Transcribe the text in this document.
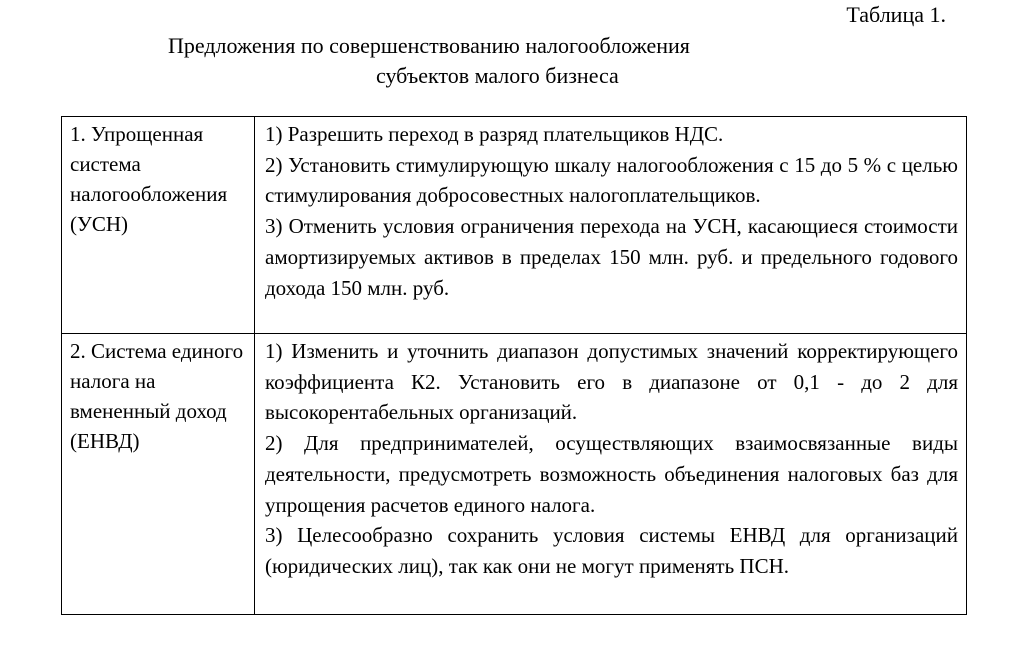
Таблица 1.
Предложения по совершенствованию налогообложения
субъектов малого бизнеса
1. Упрощенная система налогообложения (УСН)	1) Разрешить переход в разряд плательщиков НДС.
2) Установить стимулирующую шкалу налогообложения с 15 до 5 % с целью стимулирования добросовестных налогоплательщиков.
3) Отменить условия ограничения перехода на УСН, касающиеся стоимости амортизируемых активов в пределах 150 млн. руб. и предельного годового дохода 150 млн. руб.

2. Система единого налога на вмененный доход (ЕНВД)	1) Изменить и уточнить диапазон допустимых значений корректирующего коэффициента К2. Установить его в диапазоне от 0,1 - до 2 для высокорентабельных организаций.
2) Для предпринимателей, осуществляющих взаимосвязанные виды деятельности, предусмотреть возможность объединения налоговых баз для упрощения расчетов единого налога.
3) Целесообразно сохранить условия системы ЕНВД для организаций (юридических лиц), так как они не могут применять ПСН.
